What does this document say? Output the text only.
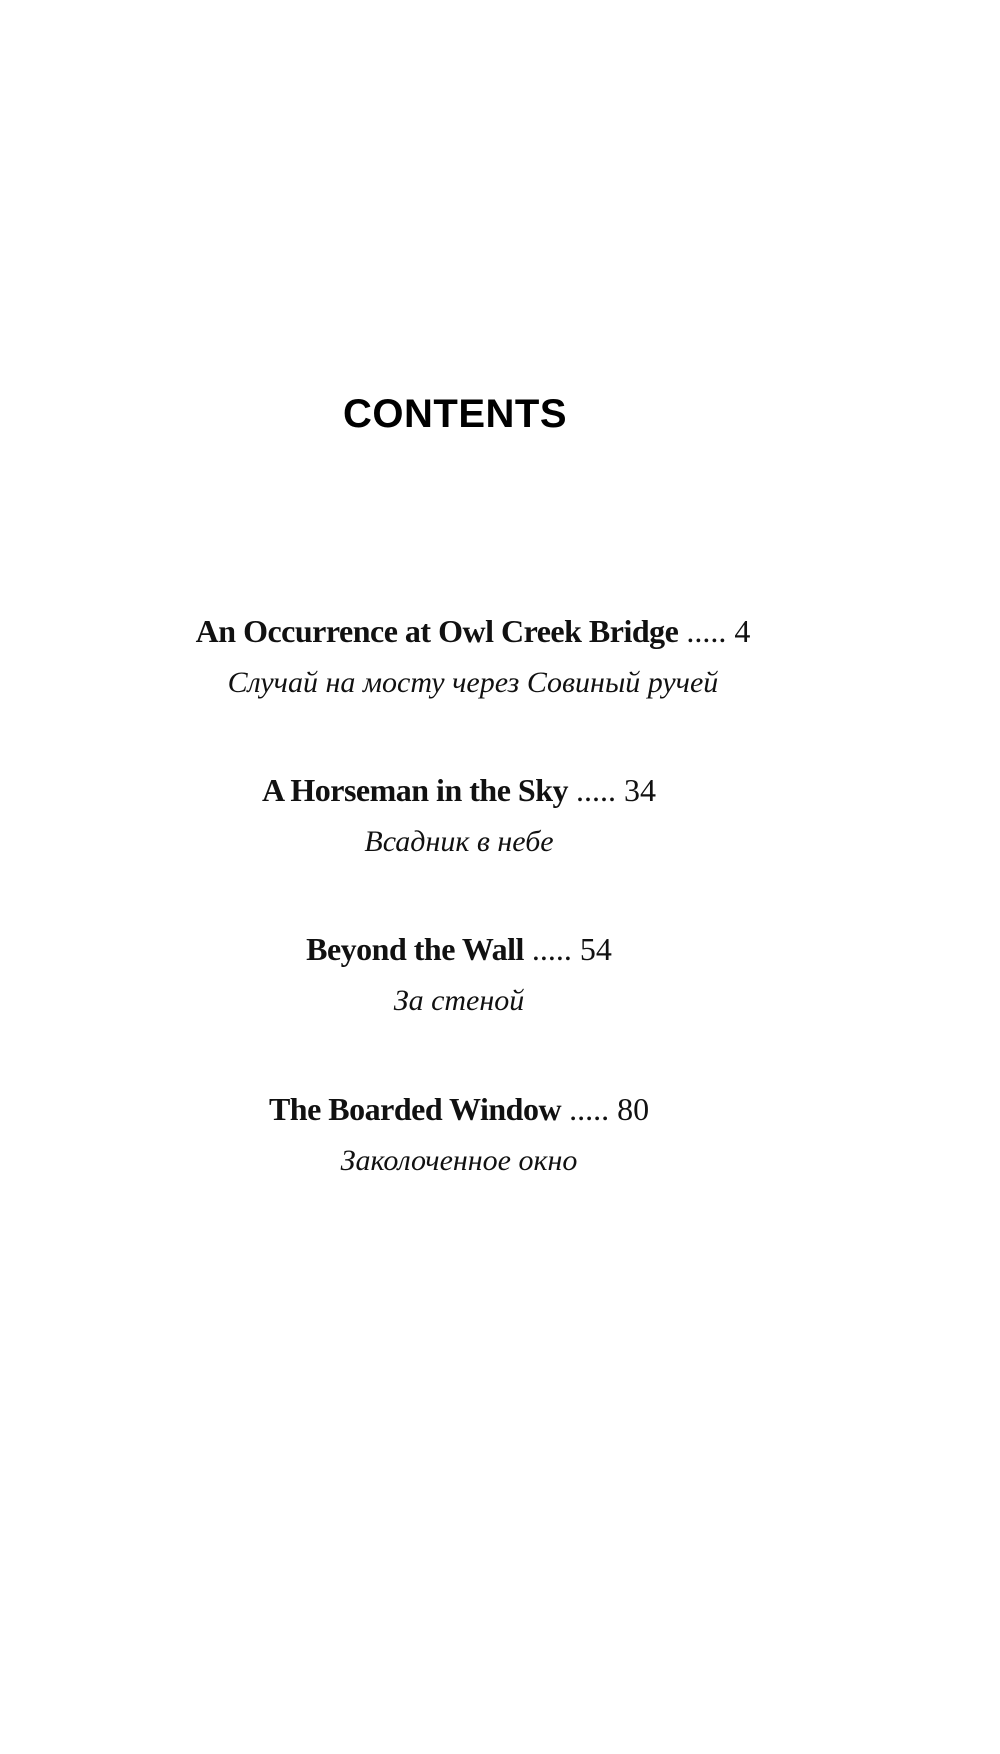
CONTENTS
An Occurrence at Owl Creek Bridge ..... 4
Случай на мосту через Совиный ручей
A Horseman in the Sky ..... 34
Всадник в небе
Beyond the Wall ..... 54
За стеной
The Boarded Window ..... 80
Заколоченное окно
